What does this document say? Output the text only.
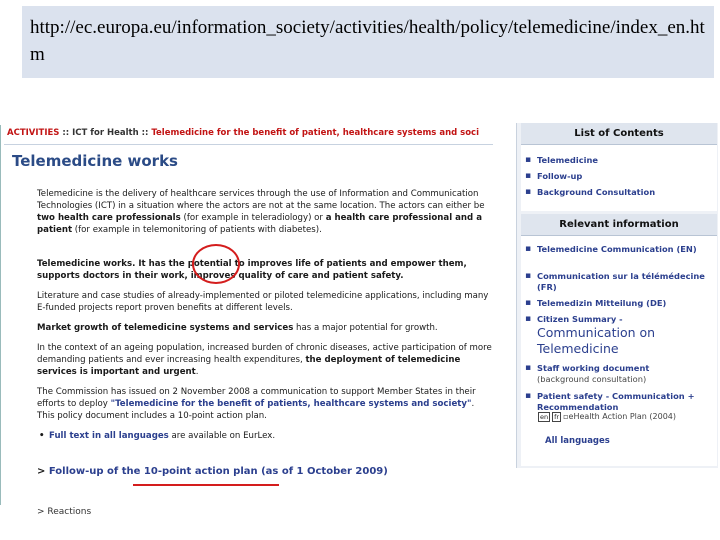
http://ec.europa.eu/information_society/activities/health/policy/telemedicine/index_en.htm
ACTIVITIES :: ICT for Health :: Telemedicine for the benefit of patient, healthcare systems and soci
Telemedicine works
Telemedicine is the delivery of healthcare services through the use of Information and Communication Technologies (ICT) in a situation where the actors are not at the same location. The actors can either be two health care professionals (for example in teleradiology) or a health care professional and a patient (for example in telemonitoring of patients with diabetes).
Telemedicine works. It has the potential to improves life of patients and empower them, supports doctors in their work, improves quality of care and patient safety.
Literature and case studies of already-implemented or piloted telemedicine applications, including many E-funded projects report proven benefits at different levels.
Market growth of telemedicine systems and services has a major potential for growth.
In the context of an ageing population, increased burden of chronic diseases, active participation of more demanding patients and ever increasing health expenditures, the deployment of telemedicine services is important and urgent.
The Commission has issued on 2 November 2008 a communication to support Member States in their efforts to deploy "Telemedicine for the benefit of patients, healthcare systems and society". This policy document includes a 10-point action plan.
• Full text in all languages are available on EurLex.
> Follow-up of the 10-point action plan (as of 1 October 2009)
> Reactions
List of Contents
Relevant information
▪ Telemedicine
▪ Follow-up
▪ Background Consultation
▪ Telemedicine Communication (EN)
▪ Communication sur la télémédecine (FR)
▪ Telemedizin Mitteilung (DE)
▪ Citizen Summary -
Communication on Telemedicine
▪ Staff working document
(background consultation)
▪ Patient safety - Communication + Recommendation
en fr ▫eHealth Action Plan (2004)
All languages
